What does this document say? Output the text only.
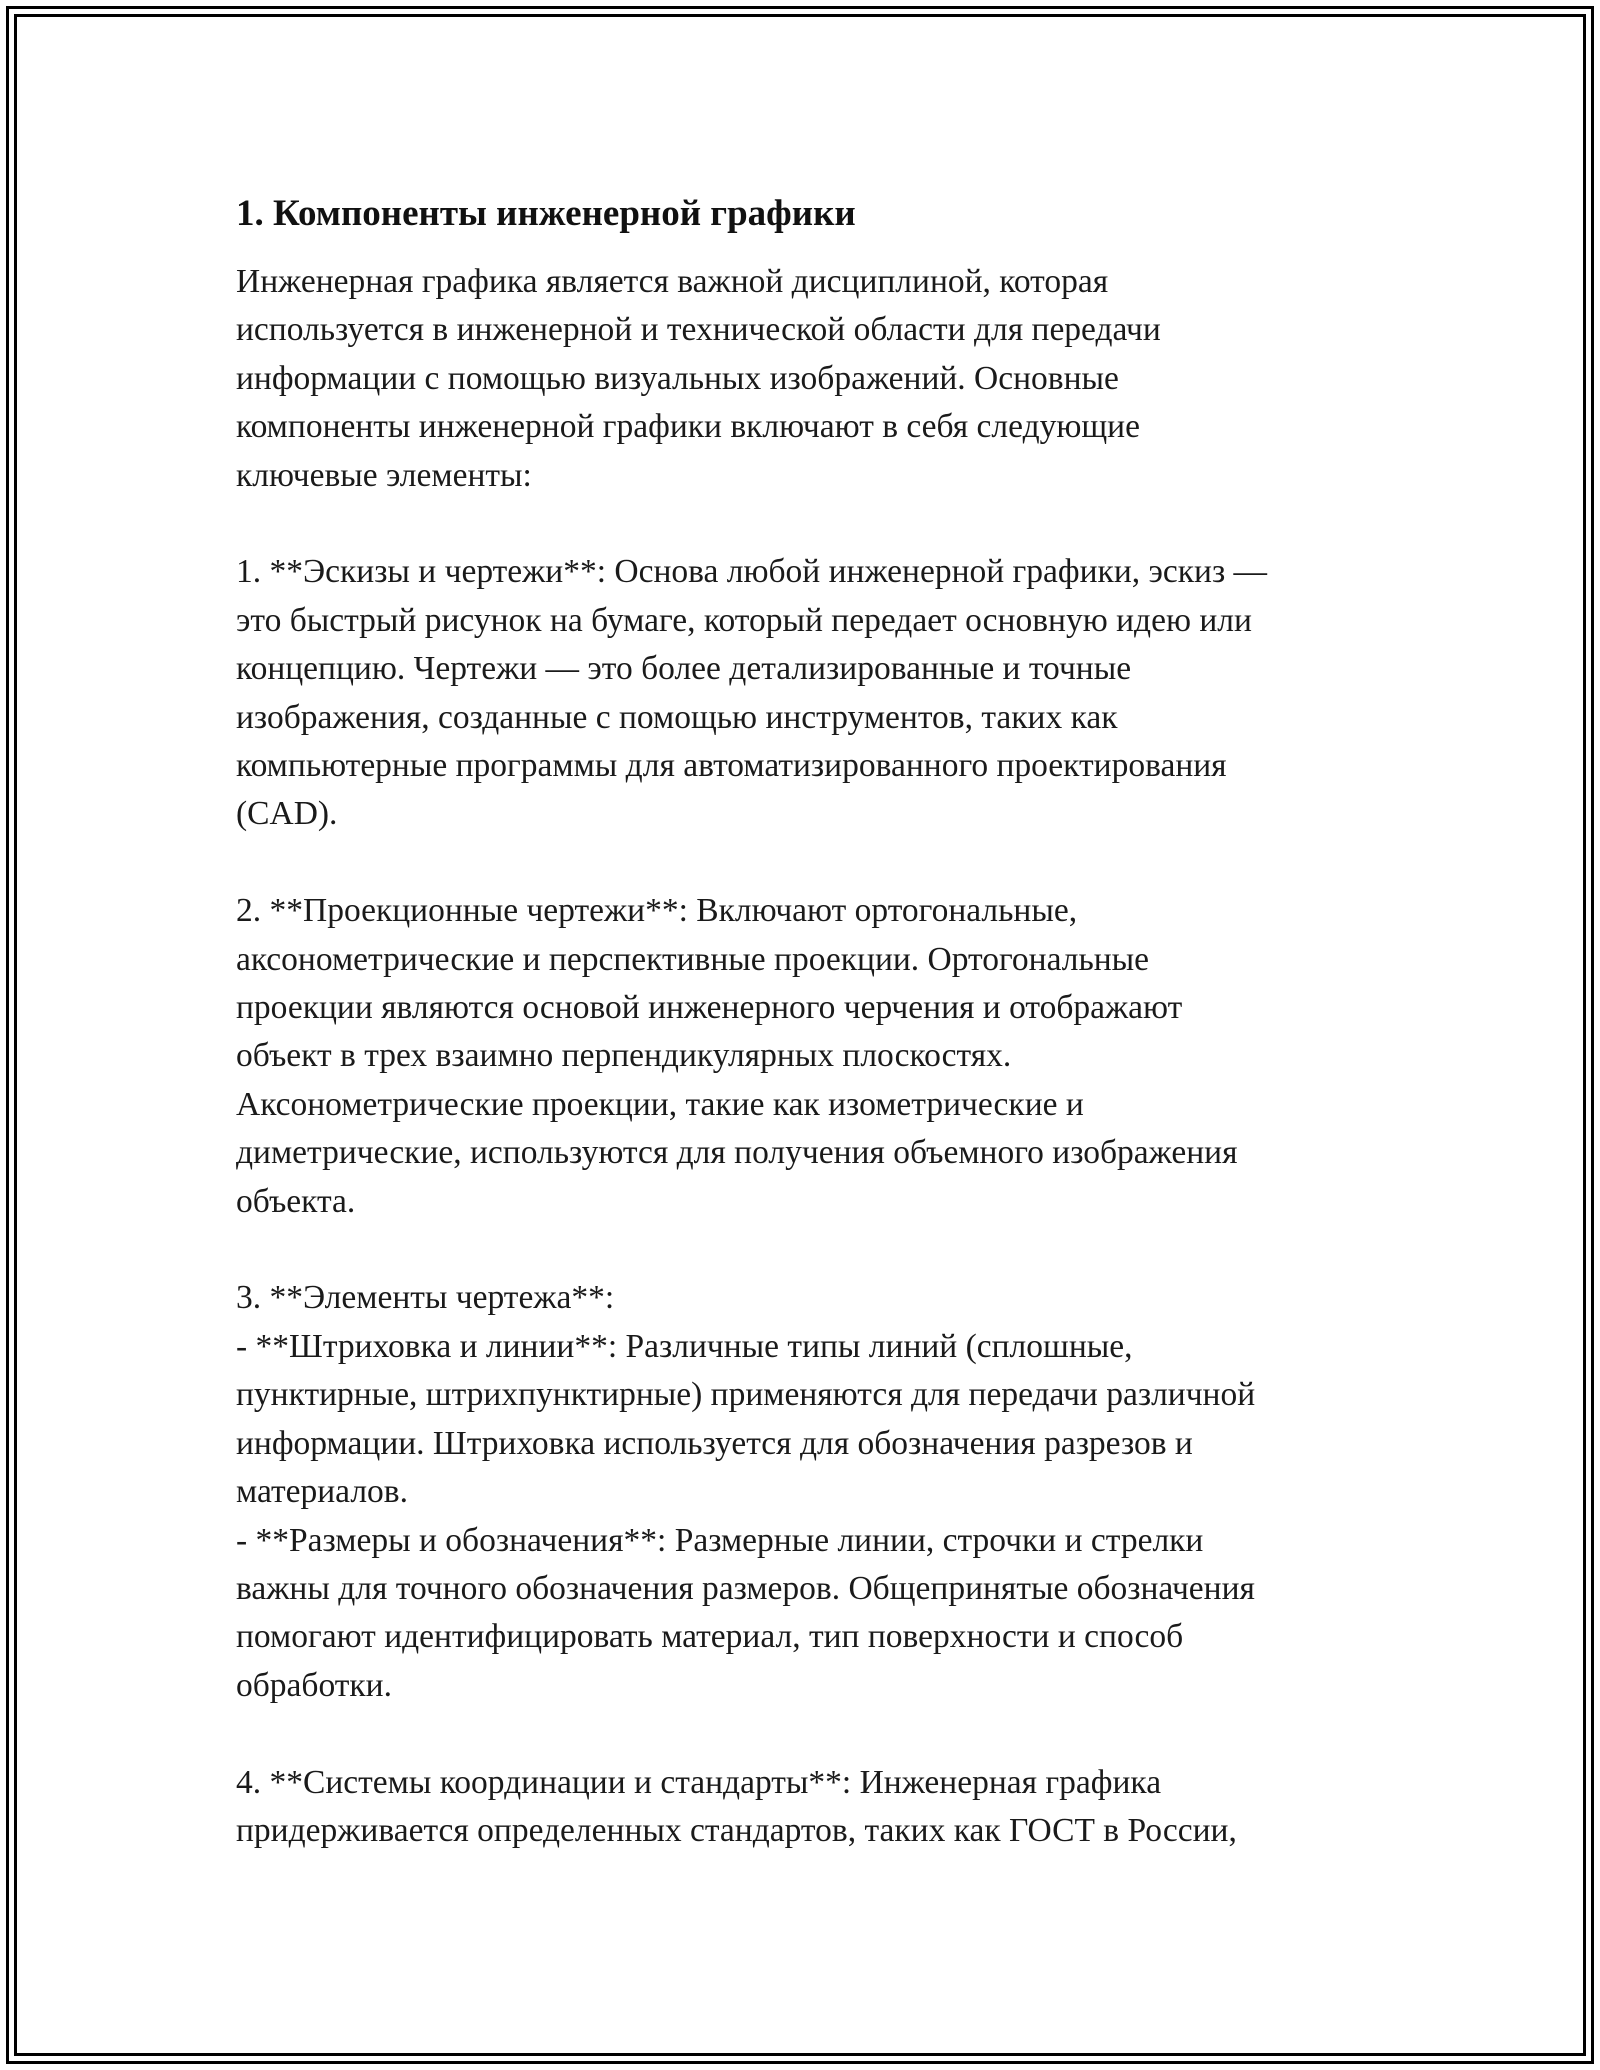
1. Компоненты инженерной графики

Инженерная графика является важной дисциплиной, которая
используется в инженерной и технической области для передачи
информации с помощью визуальных изображений. Основные
компоненты инженерной графики включают в себя следующие
ключевые элементы:

1. **Эскизы и чертежи**: Основа любой инженерной графики, эскиз —
это быстрый рисунок на бумаге, который передает основную идею или
концепцию. Чертежи — это более детализированные и точные
изображения, созданные с помощью инструментов, таких как
компьютерные программы для автоматизированного проектирования
(CAD).

2. **Проекционные чертежи**: Включают ортогональные,
аксонометрические и перспективные проекции. Ортогональные
проекции являются основой инженерного черчения и отображают
объект в трех взаимно перпендикулярных плоскостях.
Аксонометрические проекции, такие как изометрические и
диметрические, используются для получения объемного изображения
объекта.

3. **Элементы чертежа**:
- **Штриховка и линии**: Различные типы линий (сплошные,
пунктирные, штрихпунктирные) применяются для передачи различной
информации. Штриховка используется для обозначения разрезов и
материалов.
- **Размеры и обозначения**: Размерные линии, строчки и стрелки
важны для точного обозначения размеров. Общепринятые обозначения
помогают идентифицировать материал, тип поверхности и способ
обработки.

4. **Системы координации и стандарты**: Инженерная графика
придерживается определенных стандартов, таких как ГОСТ в России,
